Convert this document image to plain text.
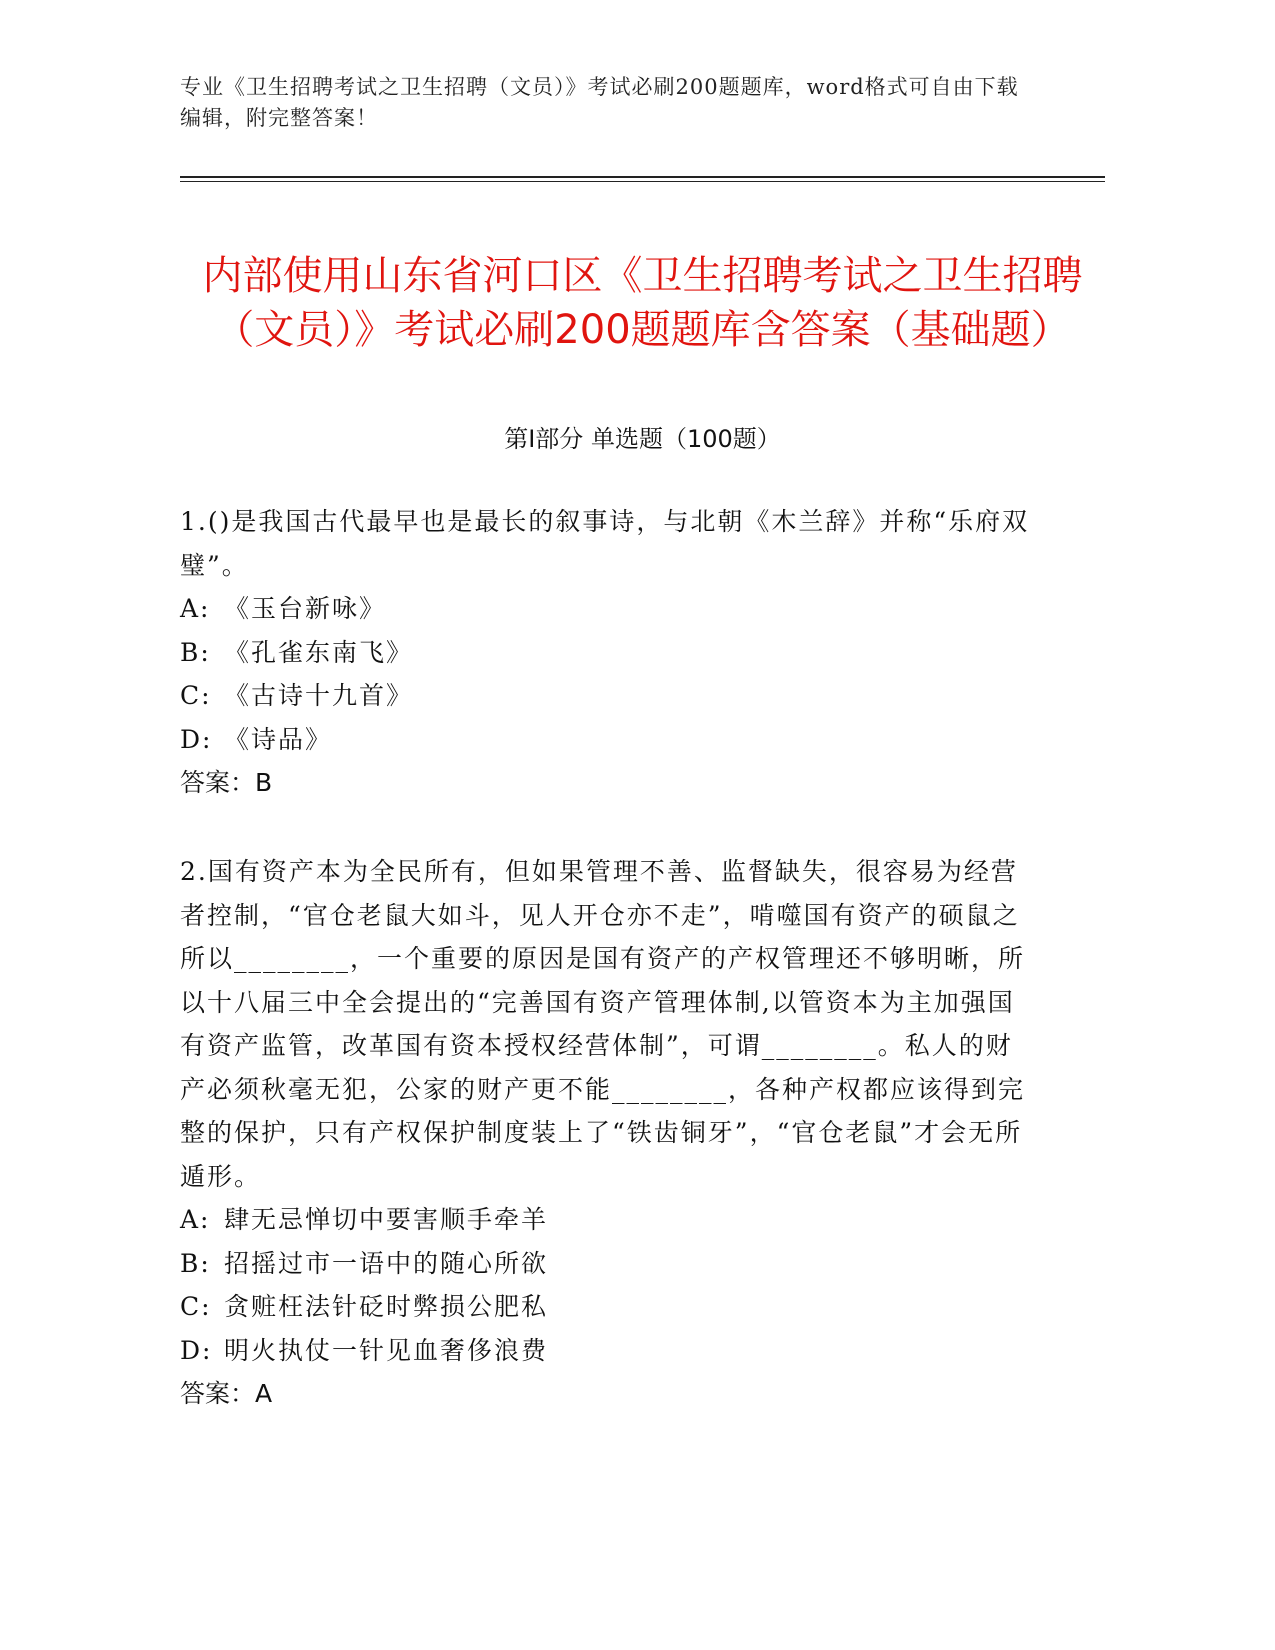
专业《卫生招聘考试之卫生招聘（文员）》考试必刷200题题库，word格式可自由下载编辑，附完整答案！
内部使用山东省河口区《卫生招聘考试之卫生招聘（文员）》考试必刷200题题库含答案（基础题）
第Ⅰ部分 单选题（100题）

1.()是我国古代最早也是最长的叙事诗，与北朝《木兰辞》并称“乐府双璧”。

A: 《玉台新咏》

B: 《孔雀东南飞》

C: 《古诗十九首》

D: 《诗品》

答案：B

2.国有资产本为全民所有，但如果管理不善、监督缺失，很容易为经营者控制，“官仓老鼠大如斗，见人开仓亦不走”，啃噬国有资产的硕鼠之所以________，一个重要的原因是国有资产的产权管理还不够明晰，所以十八届三中全会提出的“完善国有资产管理体制,以管资本为主加强国有资产监管，改革国有资本授权经营体制”，可谓________。私人的财产必须秋毫无犯，公家的财产更不能________，各种产权都应该得到完整的保护，只有产权保护制度装上了“铁齿铜牙”，“官仓老鼠”才会无所遁形。

A: 肆无忌惮切中要害顺手牵羊

B: 招摇过市一语中的随心所欲

C: 贪赃枉法针砭时弊损公肥私

D: 明火执仗一针见血奢侈浪费

答案：A
